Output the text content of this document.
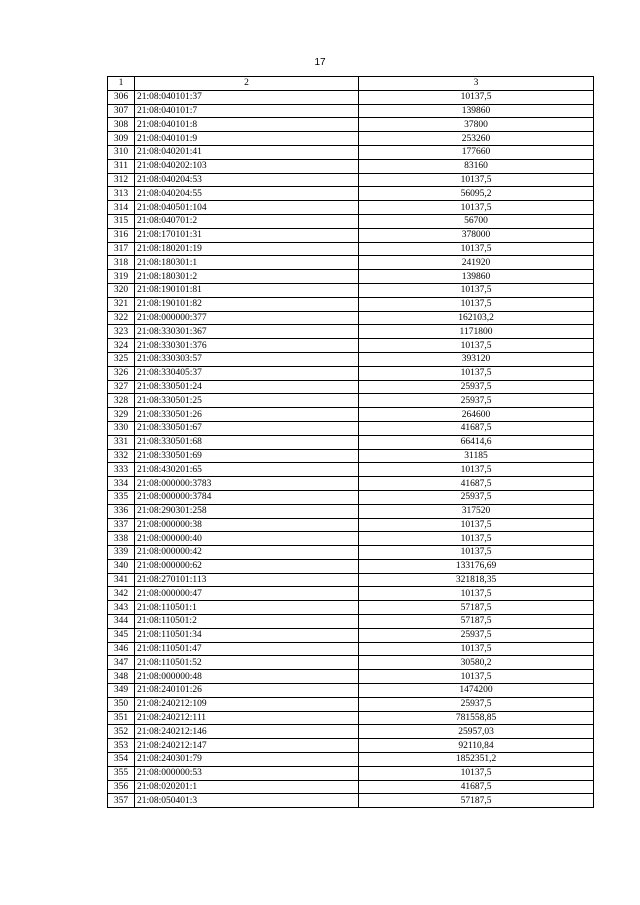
17
1	2	3
306	21:08:040101:37	10137,5
307	21:08:040101:7	139860
308	21:08:040101:8	37800
309	21:08:040101:9	253260
310	21:08:040201:41	177660
311	21:08:040202:103	83160
312	21:08:040204:53	10137,5
313	21:08:040204:55	56095,2
314	21:08:040501:104	10137,5
315	21:08:040701:2	56700
316	21:08:170101:31	378000
317	21:08:180201:19	10137,5
318	21:08:180301:1	241920
319	21:08:180301:2	139860
320	21:08:190101:81	10137,5
321	21:08:190101:82	10137,5
322	21:08:000000:377	162103,2
323	21:08:330301:367	1171800
324	21:08:330301:376	10137,5
325	21:08:330303:57	393120
326	21:08:330405:37	10137,5
327	21:08:330501:24	25937,5
328	21:08:330501:25	25937,5
329	21:08:330501:26	264600
330	21:08:330501:67	41687,5
331	21:08:330501:68	66414,6
332	21:08:330501:69	31185
333	21:08:430201:65	10137,5
334	21:08:000000:3783	41687,5
335	21:08:000000:3784	25937,5
336	21:08:290301:258	317520
337	21:08:000000:38	10137,5
338	21:08:000000:40	10137,5
339	21:08:000000:42	10137,5
340	21:08:000000:62	133176,69
341	21:08:270101:113	321818,35
342	21:08:000000:47	10137,5
343	21:08:110501:1	57187,5
344	21:08:110501:2	57187,5
345	21:08:110501:34	25937,5
346	21:08:110501:47	10137,5
347	21:08:110501:52	30580,2
348	21:08:000000:48	10137,5
349	21:08:240101:26	1474200
350	21:08:240212:109	25937,5
351	21:08:240212:111	781558,85
352	21:08:240212:146	25957,03
353	21:08:240212:147	92110,84
354	21:08:240301:79	1852351,2
355	21:08:000000:53	10137,5
356	21:08:020201:1	41687,5
357	21:08:050401:3	57187,5
